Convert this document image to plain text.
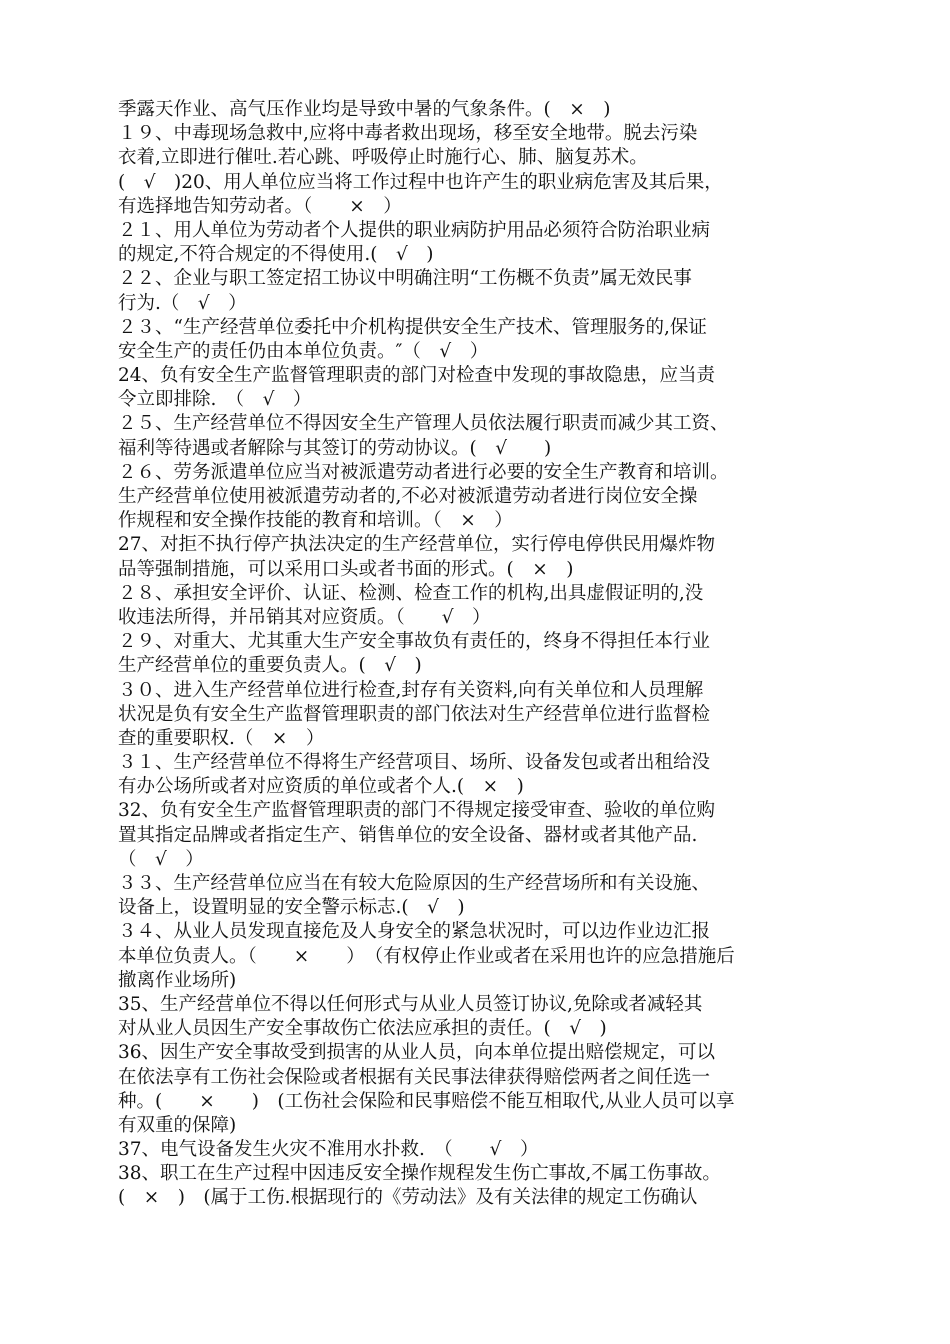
季露天作业、高气压作业均是导致中暑的气象条件。(　×　)
１９、中毒现场急救中,应将中毒者救出现场，移至安全地带。脱去污染
衣着,立即进行催吐.若心跳、呼吸停止时施行心、肺、脑复苏术。
(　√　)20、用人单位应当将工作过程中也许产生的职业病危害及其后果，
有选择地告知劳动者。（　　×　）
２１、用人单位为劳动者个人提供的职业病防护用品必须符合防治职业病
的规定,不符合规定的不得使用.(　√　)
２２、企业与职工签定招工协议中明确注明“工伤概不负责”属无效民事
行为.（　√　）
２３、“生产经营单位委托中介机构提供安全生产技术、管理服务的,保证
安全生产的责任仍由本单位负责。″（　√　）
24、负有安全生产监督管理职责的部门对检查中发现的事故隐患，应当责
令立即排除.　（　√　）
２５、生产经营单位不得因安全生产管理人员依法履行职责而减少其工资、
福利等待遇或者解除与其签订的劳动协议。(　√　　)
２６、劳务派遣单位应当对被派遣劳动者进行必要的安全生产教育和培训。
生产经营单位使用被派遣劳动者的,不必对被派遣劳动者进行岗位安全操
作规程和安全操作技能的教育和培训。（　×　）
27、对拒不执行停产执法决定的生产经营单位，实行停电停供民用爆炸物
品等强制措施，可以采用口头或者书面的形式。(　×　)
２８、承担安全评价、认证、检测、检查工作的机构,出具虚假证明的,没
收违法所得，并吊销其对应资质。（　　√　）
２９、对重大、尤其重大生产安全事故负有责任的，终身不得担任本行业
生产经营单位的重要负责人。(　√　)
３０、进入生产经营单位进行检查,封存有关资料,向有关单位和人员理解
状况是负有安全生产监督管理职责的部门依法对生产经营单位进行监督检
查的重要职权.（　×　）
３１、生产经营单位不得将生产经营项目、场所、设备发包或者出租给没
有办公场所或者对应资质的单位或者个人.(　×　)
32、负有安全生产监督管理职责的部门不得规定接受审查、验收的单位购
置其指定品牌或者指定生产、销售单位的安全设备、器材或者其他产品.
（　√　）
３３、生产经营单位应当在有较大危险原因的生产经营场所和有关设施、
设备上，设置明显的安全警示标志.(　√　)
３４、从业人员发现直接危及人身安全的紧急状况时，可以边作业边汇报
本单位负责人。（　　×　　）　（有权停止作业或者在采用也许的应急措施后
撤离作业场所)
35、生产经营单位不得以任何形式与从业人员签订协议,免除或者减轻其
对从业人员因生产安全事故伤亡依法应承担的责任。(　√　)
36、因生产安全事故受到损害的从业人员，向本单位提出赔偿规定，可以
在依法享有工伤社会保险或者根据有关民事法律获得赔偿两者之间任选一
种。(　　×　　)　(工伤社会保险和民事赔偿不能互相取代,从业人员可以享
有双重的保障)
37、电气设备发生火灾不准用水扑救.　（　　√　）
38、职工在生产过程中因违反安全操作规程发生伤亡事故,不属工伤事故。
(　×　)　(属于工伤.根据现行的《劳动法》及有关法律的规定工伤确认
